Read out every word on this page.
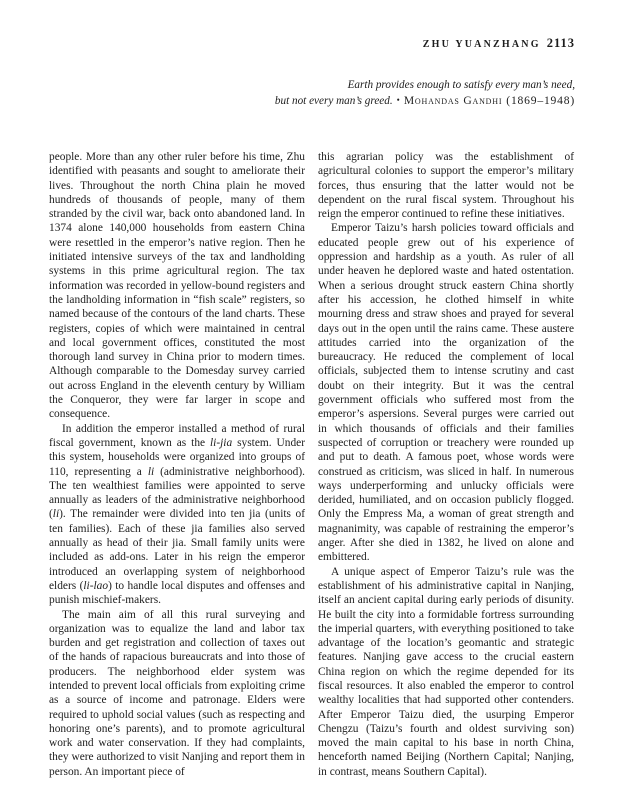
ZHU YUANZHANG 2113
Earth provides enough to satisfy every man’s need,
but not every man’s greed. • Mohandas Gandhi (1869–1948)

people. More than any other ruler before his time, Zhu identified with peasants and sought to ameliorate their lives. Throughout the north China plain he moved hundreds of thousands of people, many of them stranded by the civil war, back onto abandoned land. In 1374 alone 140,000 households from eastern China were resettled in the emperor’s native region. Then he initiated intensive surveys of the tax and landholding systems in this prime agricultural region. The tax information was recorded in yellow-bound registers and the landholding information in “fish scale” registers, so named because of the contours of the land charts. These registers, copies of which were maintained in central and local government offices, constituted the most thorough land survey in China prior to modern times. Although comparable to the Domesday survey carried out across England in the eleventh century by William the Conqueror, they were far larger in scope and consequence.

In addition the emperor installed a method of rural fiscal government, known as the li-jia system. Under this system, households were organized into groups of 110, representing a li (administrative neighborhood). The ten wealthiest families were appointed to serve annually as leaders of the administrative neighborhood (li). The remainder were divided into ten jia (units of ten families). Each of these jia families also served annually as head of their jia. Small family units were included as add-ons. Later in his reign the emperor introduced an overlapping system of neighborhood elders (li-lao) to handle local disputes and offenses and punish mischief-makers.

The main aim of all this rural surveying and organization was to equalize the land and labor tax burden and get registration and collection of taxes out of the hands of rapacious bureaucrats and into those of producers. The neighborhood elder system was intended to prevent local officials from exploiting crime as a source of income and patronage. Elders were required to uphold social values (such as respecting and honoring one’s parents), and to promote agricultural work and water conservation. If they had complaints, they were authorized to visit Nanjing and report them in person. An important piece of

this agrarian policy was the establishment of agricultural colonies to support the emperor’s military forces, thus ensuring that the latter would not be dependent on the rural fiscal system. Throughout his reign the emperor continued to refine these initiatives.

Emperor Taizu’s harsh policies toward officials and educated people grew out of his experience of oppression and hardship as a youth. As ruler of all under heaven he deplored waste and hated ostentation. When a serious drought struck eastern China shortly after his accession, he clothed himself in white mourning dress and straw shoes and prayed for several days out in the open until the rains came. These austere attitudes carried into the organization of the bureaucracy. He reduced the complement of local officials, subjected them to intense scrutiny and cast doubt on their integrity. But it was the central government officials who suffered most from the emperor’s aspersions. Several purges were carried out in which thousands of officials and their families suspected of corruption or treachery were rounded up and put to death. A famous poet, whose words were construed as criticism, was sliced in half. In numerous ways underperforming and unlucky officials were derided, humiliated, and on occasion publicly flogged. Only the Empress Ma, a woman of great strength and magnanimity, was capable of restraining the emperor’s anger. After she died in 1382, he lived on alone and embittered.

A unique aspect of Emperor Taizu’s rule was the establishment of his administrative capital in Nanjing, itself an ancient capital during early periods of disunity. He built the city into a formidable fortress surrounding the imperial quarters, with everything positioned to take advantage of the location’s geomantic and strategic features. Nanjing gave access to the crucial eastern China region on which the regime depended for its fiscal resources. It also enabled the emperor to control wealthy localities that had supported other contenders. After Emperor Taizu died, the usurping Emperor Chengzu (Taizu’s fourth and oldest surviving son) moved the main capital to his base in north China, henceforth named Beijing (Northern Capital; Nanjing, in contrast, means Southern Capital).
